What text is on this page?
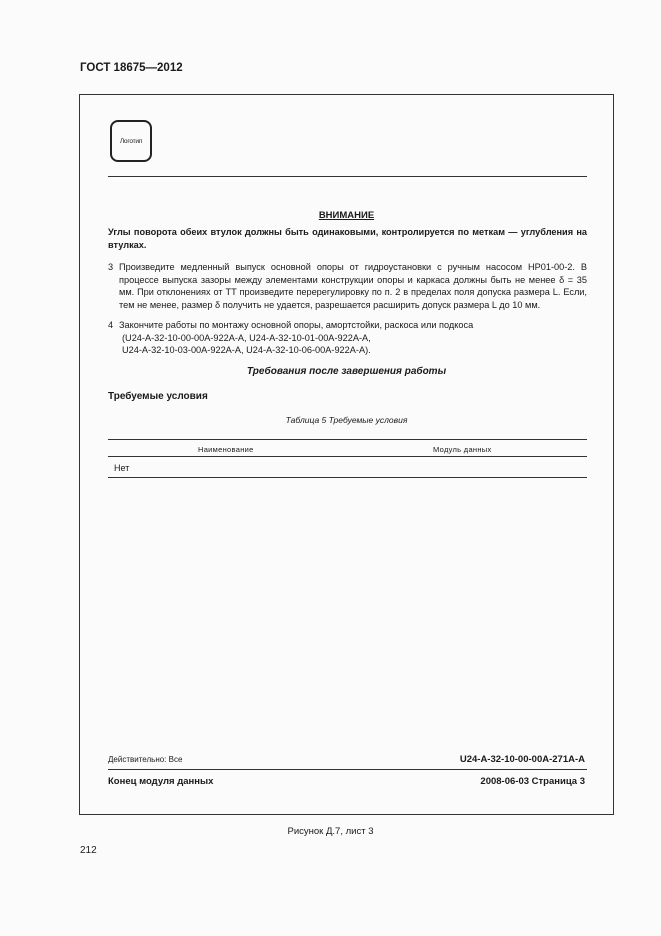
ГОСТ 18675—2012
Логотип
ВНИМАНИЕ
Углы поворота обеих втулок должны быть одинаковыми, контролируется по меткам — углубления на втулках.
3 Произведите медленный выпуск основной опоры от гидроустановки с ручным насосом НР01-00-2. В процессе выпуска зазоры между элементами конструкции опоры и каркаса должны быть не менее δ = 35 мм. При отклонениях от ТТ произведите перерегулировку по п. 2 в пределах поля допуска размера L. Если, тем не менее, размер δ получить не удается, разрешается расширить допуск размера L до 10 мм.
4 Закончите работы по монтажу основной опоры, амортстойки, раскоса или подкоса
(U24-A-32-10-00-00A-922A-A, U24-A-32-10-01-00A-922A-A,
U24-A-32-10-03-00A-922A-A, U24-A-32-10-06-00A-922A-A).
Требования после завершения работы
Требуемые условия
Таблица 5 Требуемые условия
Наименование	Модуль данных
Нет
Действительно: Все	U24-A-32-10-00-00A-271A-A
Конец модуля данных	2008-06-03 Страница 3
Рисунок Д.7, лист 3
212
